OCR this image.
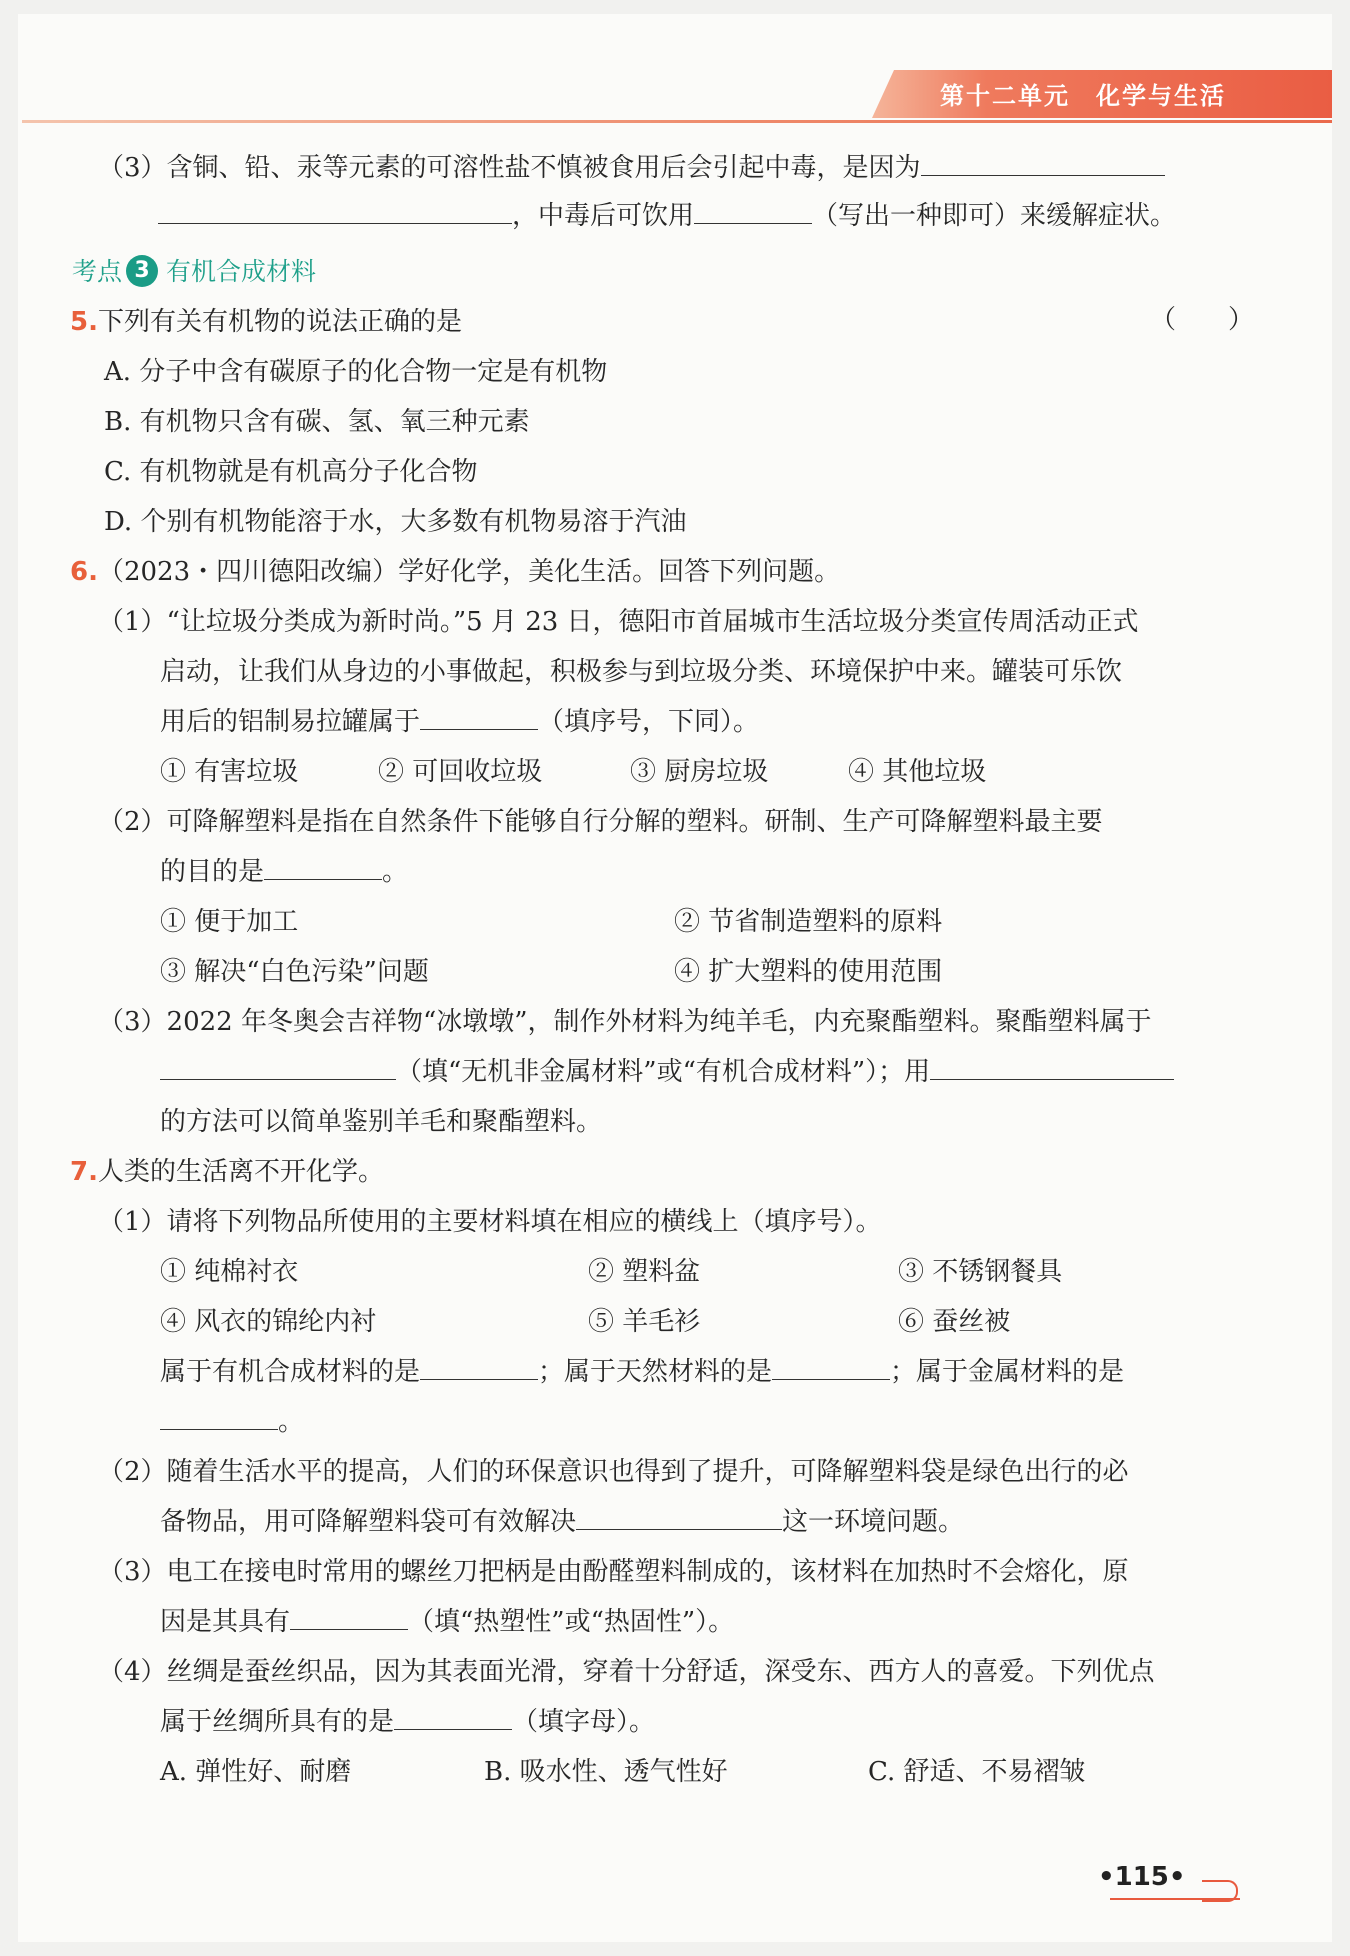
第十二单元　化学与生活
（3）含铜、铅、汞等元素的可溶性盐不慎被食用后会引起中毒，是因为
，中毒后可饮用	（写出一种即可）来缓解症状。
考点 3 有机合成材料
5.下列有关有机物的说法正确的是	（　　）
A. 分子中含有碳原子的化合物一定是有机物
B. 有机物只含有碳、氢、氧三种元素
C. 有机物就是有机高分子化合物
D. 个别有机物能溶于水，大多数有机物易溶于汽油
6.（2023・四川德阳改编）学好化学，美化生活。回答下列问题。
（1）“让垃圾分类成为新时尚。”5 月 23 日，德阳市首届城市生活垃圾分类宣传周活动正式
启动，让我们从身边的小事做起，积极参与到垃圾分类、环境保护中来。罐装可乐饮
用后的铝制易拉罐属于	（填序号，下同）。
① 有害垃圾	② 可回收垃圾	③ 厨房垃圾	④ 其他垃圾
（2）可降解塑料是指在自然条件下能够自行分解的塑料。研制、生产可降解塑料最主要
的目的是	。
① 便于加工	② 节省制造塑料的原料
③ 解决“白色污染”问题	④ 扩大塑料的使用范围
（3）2022 年冬奥会吉祥物“冰墩墩”，制作外材料为纯羊毛，内充聚酯塑料。聚酯塑料属于
（填“无机非金属材料”或“有机合成材料”）；用
的方法可以简单鉴别羊毛和聚酯塑料。
7.人类的生活离不开化学。
（1）请将下列物品所使用的主要材料填在相应的横线上（填序号）。
① 纯棉衬衣	② 塑料盆	③ 不锈钢餐具
④ 风衣的锦纶内衬	⑤ 羊毛衫	⑥ 蚕丝被
属于有机合成材料的是	；属于天然材料的是	；属于金属材料的是
。
（2）随着生活水平的提高，人们的环保意识也得到了提升，可降解塑料袋是绿色出行的必
备物品，用可降解塑料袋可有效解决	这一环境问题。
（3）电工在接电时常用的螺丝刀把柄是由酚醛塑料制成的，该材料在加热时不会熔化，原
因是其具有	（填“热塑性”或“热固性”）。
（4）丝绸是蚕丝织品，因为其表面光滑，穿着十分舒适，深受东、西方人的喜爱。下列优点
属于丝绸所具有的是	（填字母）。
A. 弹性好、耐磨	B. 吸水性、透气性好	C. 舒适、不易褶皱
•115•
